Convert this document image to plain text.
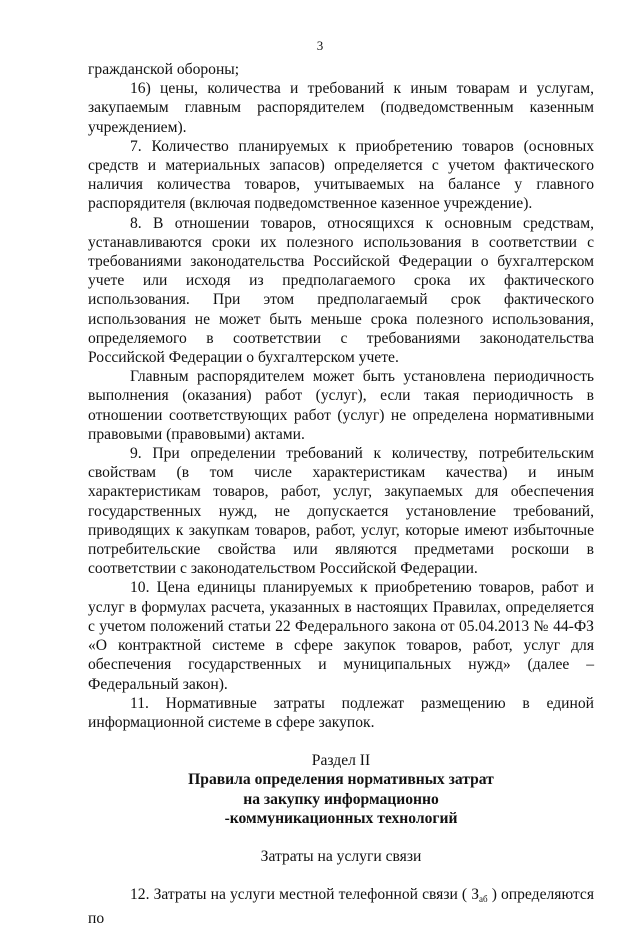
3

гражданской обороны;

16) цены, количества и требований к иным товарам и услугам, закупаемым главным распорядителем (подведомственным казенным учреждением).

7. Количество планируемых к приобретению товаров (основных средств и материальных запасов) определяется с учетом фактического наличия количества товаров, учитываемых на балансе у главного распорядителя (включая подведомственное казенное учреждение).

8. В отношении товаров, относящихся к основным средствам, устанавливаются сроки их полезного использования в соответствии с требованиями законодательства Российской Федерации о бухгалтерском учете или исходя из предполагаемого срока их фактического использования. При этом предполагаемый срок фактического использования не может быть меньше срока полезного использования, определяемого в соответствии с требованиями законодательства Российской Федерации о бухгалтерском учете.

Главным распорядителем может быть установлена периодичность выполнения (оказания) работ (услуг), если такая периодичность в отношении соответствующих работ (услуг) не определена нормативными правовыми (правовыми) актами.

9. При определении требований к количеству, потребительским свойствам (в том числе характеристикам качества) и иным характеристикам товаров, работ, услуг, закупаемых для обеспечения государственных нужд, не допускается установление требований, приводящих к закупкам товаров, работ, услуг, которые имеют избыточные потребительские свойства или являются предметами роскоши в соответствии с законодательством Российской Федерации.

10. Цена единицы планируемых к приобретению товаров, работ и услуг в формулах расчета, указанных в настоящих Правилах, определяется с учетом положений статьи 22 Федерального закона от 05.04.2013 № 44-ФЗ «О контрактной системе в сфере закупок товаров, работ, услуг для обеспечения государственных и муниципальных нужд» (далее – Федеральный закон).

11. Нормативные затраты подлежат размещению в единой информационной системе в сфере закупок.

Раздел II

Правила определения нормативных затрат

на закупку информационно

-коммуникационных технологий

Затраты на услуги связи

12. Затраты на услуги местной телефонной связи ( $З_{аб}$ ) определяются по
